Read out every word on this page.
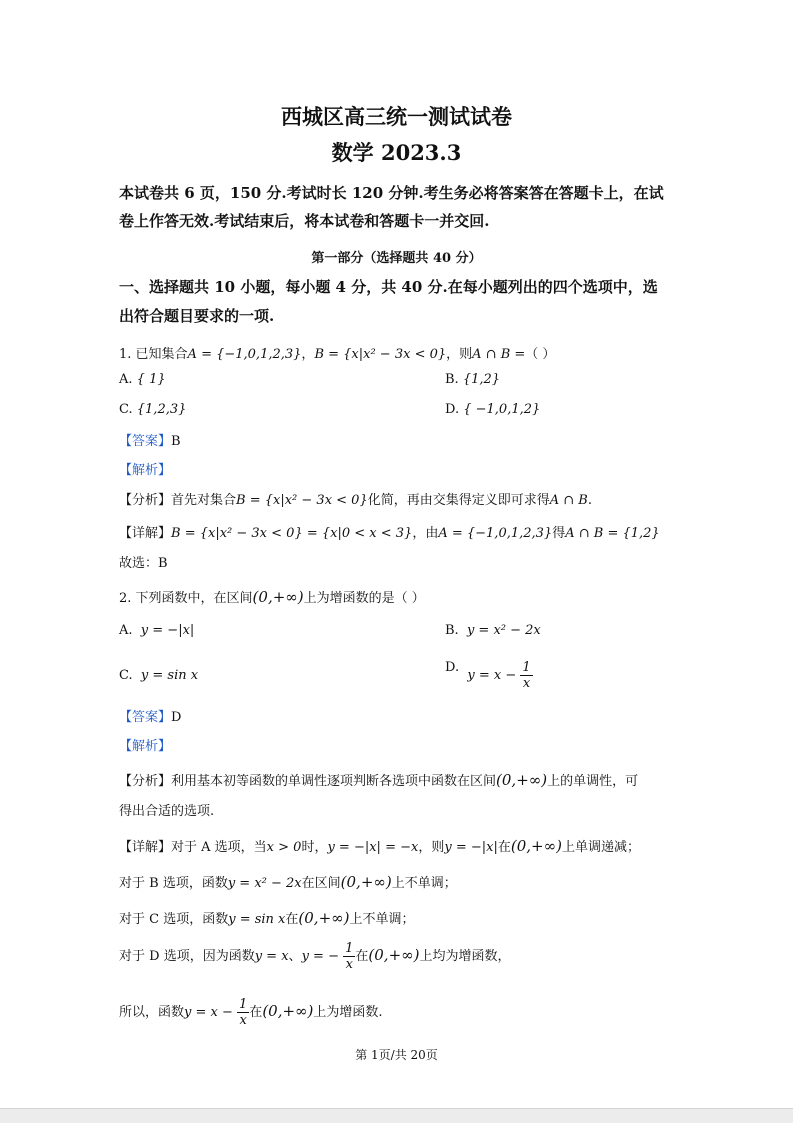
西城区高三统一测试试卷
数学 2023.3
本试卷共 6 页，150 分.考试时长 120 分钟.考生务必将答案答在答题卡上，在试
卷上作答无效.考试结束后，将本试卷和答题卡一并交回.
第一部分（选择题共 40 分）
一、选择题共 10 小题，每小题 4 分，共 40 分.在每小题列出的四个选项中，选
出符合题目要求的一项.
1. 已知集合A = {−1,0,1,2,3}，B = {x|x² − 3x < 0}，则A ∩ B =（ ）
A. { 1}	B. {1,2}
C. {1,2,3}	D. { −1,0,1,2}
【答案】B
【解析】
【分析】首先对集合B = {x|x² − 3x < 0}化简，再由交集得定义即可求得A ∩ B.
【详解】B = {x|x² − 3x < 0} = {x|0 < x < 3}，由A = {−1,0,1,2,3}得A ∩ B = {1,2}
故选：B
2. 下列函数中，在区间(0,+∞)上为增函数的是（ ）
A. y = −|x|	B. y = x² − 2x
C. y = sin x
D.  $y = x - \frac{1}{x}$
【答案】D
【解析】
【分析】利用基本初等函数的单调性逐项判断各选项中函数在区间(0,+∞)上的单调性，可
得出合适的选项.
【详解】对于 A 选项，当x > 0时，y = −|x| = −x，则y = −|x|在(0,+∞)上单调递减；
对于 B 选项，函数y = x² − 2x在区间(0,+∞)上不单调；
对于 C 选项，函数y = sin x在(0,+∞)上不单调；
对于 D 选项，因为函数y = x、y = − $\frac{1}{x}$ 在(0,+∞)上均为增函数，
所以，函数$y = x - \frac{1}{x}$ 在(0,+∞)上为增函数.
第 1页/共 20页
